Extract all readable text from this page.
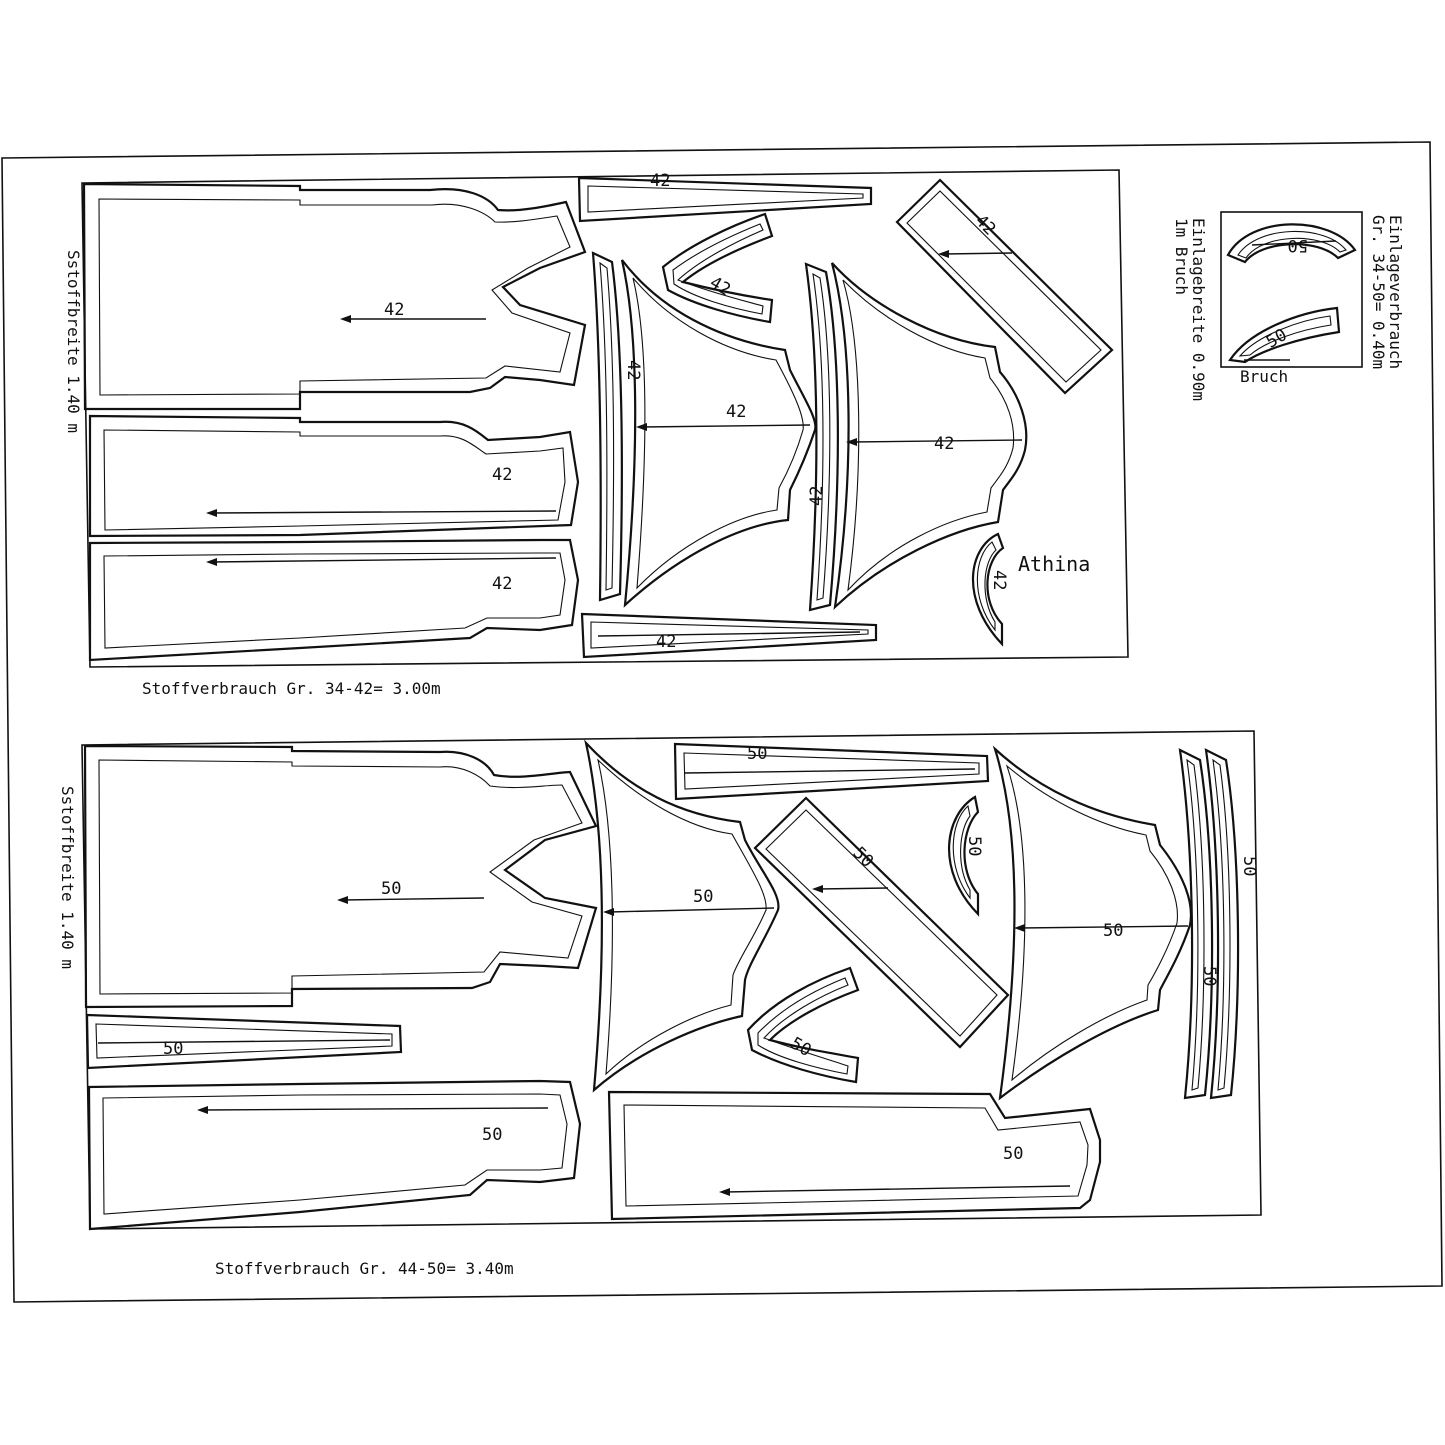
42
42
42
42
42
42
42
42
42
42
42
42
Athina
Sstoffbreite 1.40 m
Stoffverbrauch Gr. 34-42= 3.00m
50
50
50
50
50
50
50
50
50
50
50
50
Sstoffbreite 1.40 m
Stoffverbrauch Gr. 44-50= 3.40m
50
50
Bruch
Einlageverbrauch
Gr. 34-50= 0.40m
Einlagebreite 0.90m
1m Bruch
